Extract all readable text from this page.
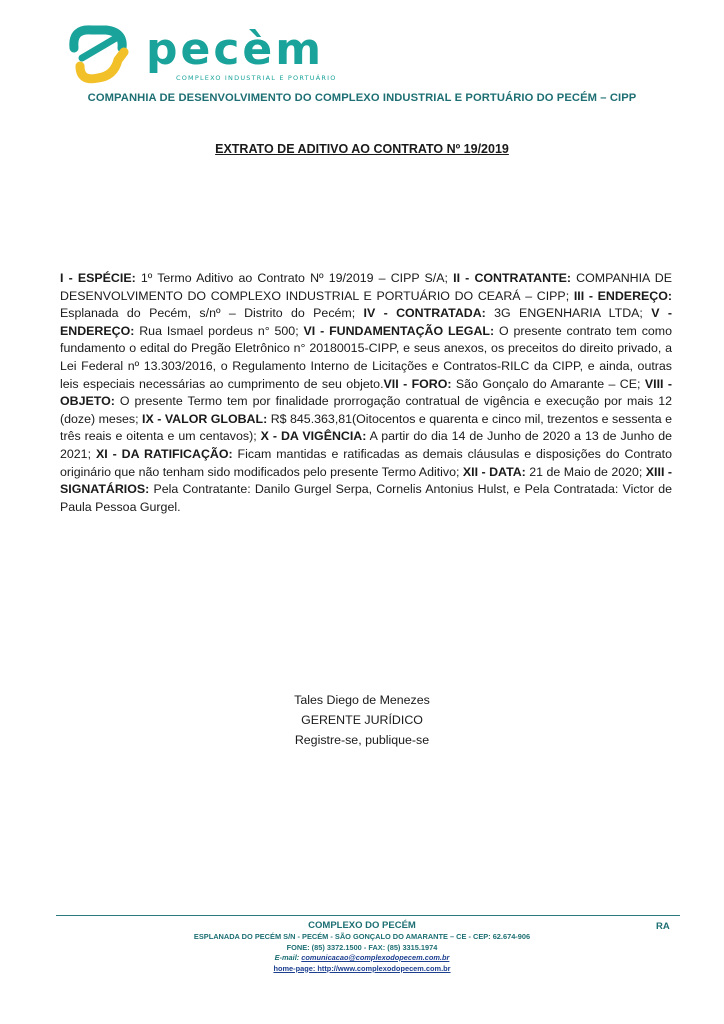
pecèm
COMPLEXO INDUSTRIAL E PORTUÁRIO
COMPANHIA DE DESENVOLVIMENTO DO COMPLEXO INDUSTRIAL E PORTUÁRIO DO PECÉM – CIPP
EXTRATO DE ADITIVO AO CONTRATO Nº 19/2019

I - ESPÉCIE: 1º Termo Aditivo ao Contrato Nº 19/2019 – CIPP S/A; II - CONTRATANTE: COMPANHIA DE DESENVOLVIMENTO DO COMPLEXO INDUSTRIAL E PORTUÁRIO DO CEARÁ – CIPP; III - ENDEREÇO: Esplanada do Pecém, s/nº – Distrito do Pecém; IV - CONTRATADA: 3G ENGENHARIA LTDA; V - ENDEREÇO: Rua Ismael pordeus n° 500; VI - FUNDAMENTAÇÃO LEGAL: O presente contrato tem como fundamento o edital do Pregão Eletrônico n° 20180015-CIPP, e seus anexos, os preceitos do direito privado, a Lei Federal nº 13.303/2016, o Regulamento Interno de Licitações e Contratos-RILC da CIPP, e ainda, outras leis especiais necessárias ao cumprimento de seu objeto.VII - FORO: São Gonçalo do Amarante – CE; VIII - OBJETO: O presente Termo tem por finalidade prorrogação contratual de vigência e execução por mais 12 (doze) meses; IX - VALOR GLOBAL: R$ 845.363,81(Oitocentos e quarenta e cinco mil, trezentos e sessenta e três reais e oitenta e um centavos); X - DA VIGÊNCIA: A partir do dia 14 de Junho de 2020 a 13 de Junho de 2021; XI - DA RATIFICAÇÃO: Ficam mantidas e ratificadas as demais cláusulas e disposições do Contrato originário que não tenham sido modificados pelo presente Termo Aditivo; XII - DATA: 21 de Maio de 2020; XIII - SIGNATÁRIOS: Pela Contratante: Danilo Gurgel Serpa, Cornelis Antonius Hulst, e Pela Contratada: Victor de Paula Pessoa Gurgel.

Tales Diego de Menezes
GERENTE JURÍDICO
Registre-se, publique-se
COMPLEXO DO PECÉM
ESPLANADA DO PECÉM S/N - PECÉM - SÃO GONÇALO DO AMARANTE – CE - CEP: 62.674-906
FONE: (85) 3372.1500 - FAX: (85) 3315.1974
E-mail: comunicacao@complexodopecem.com.br
home-page: http://www.complexodopecem.com.br
RA
